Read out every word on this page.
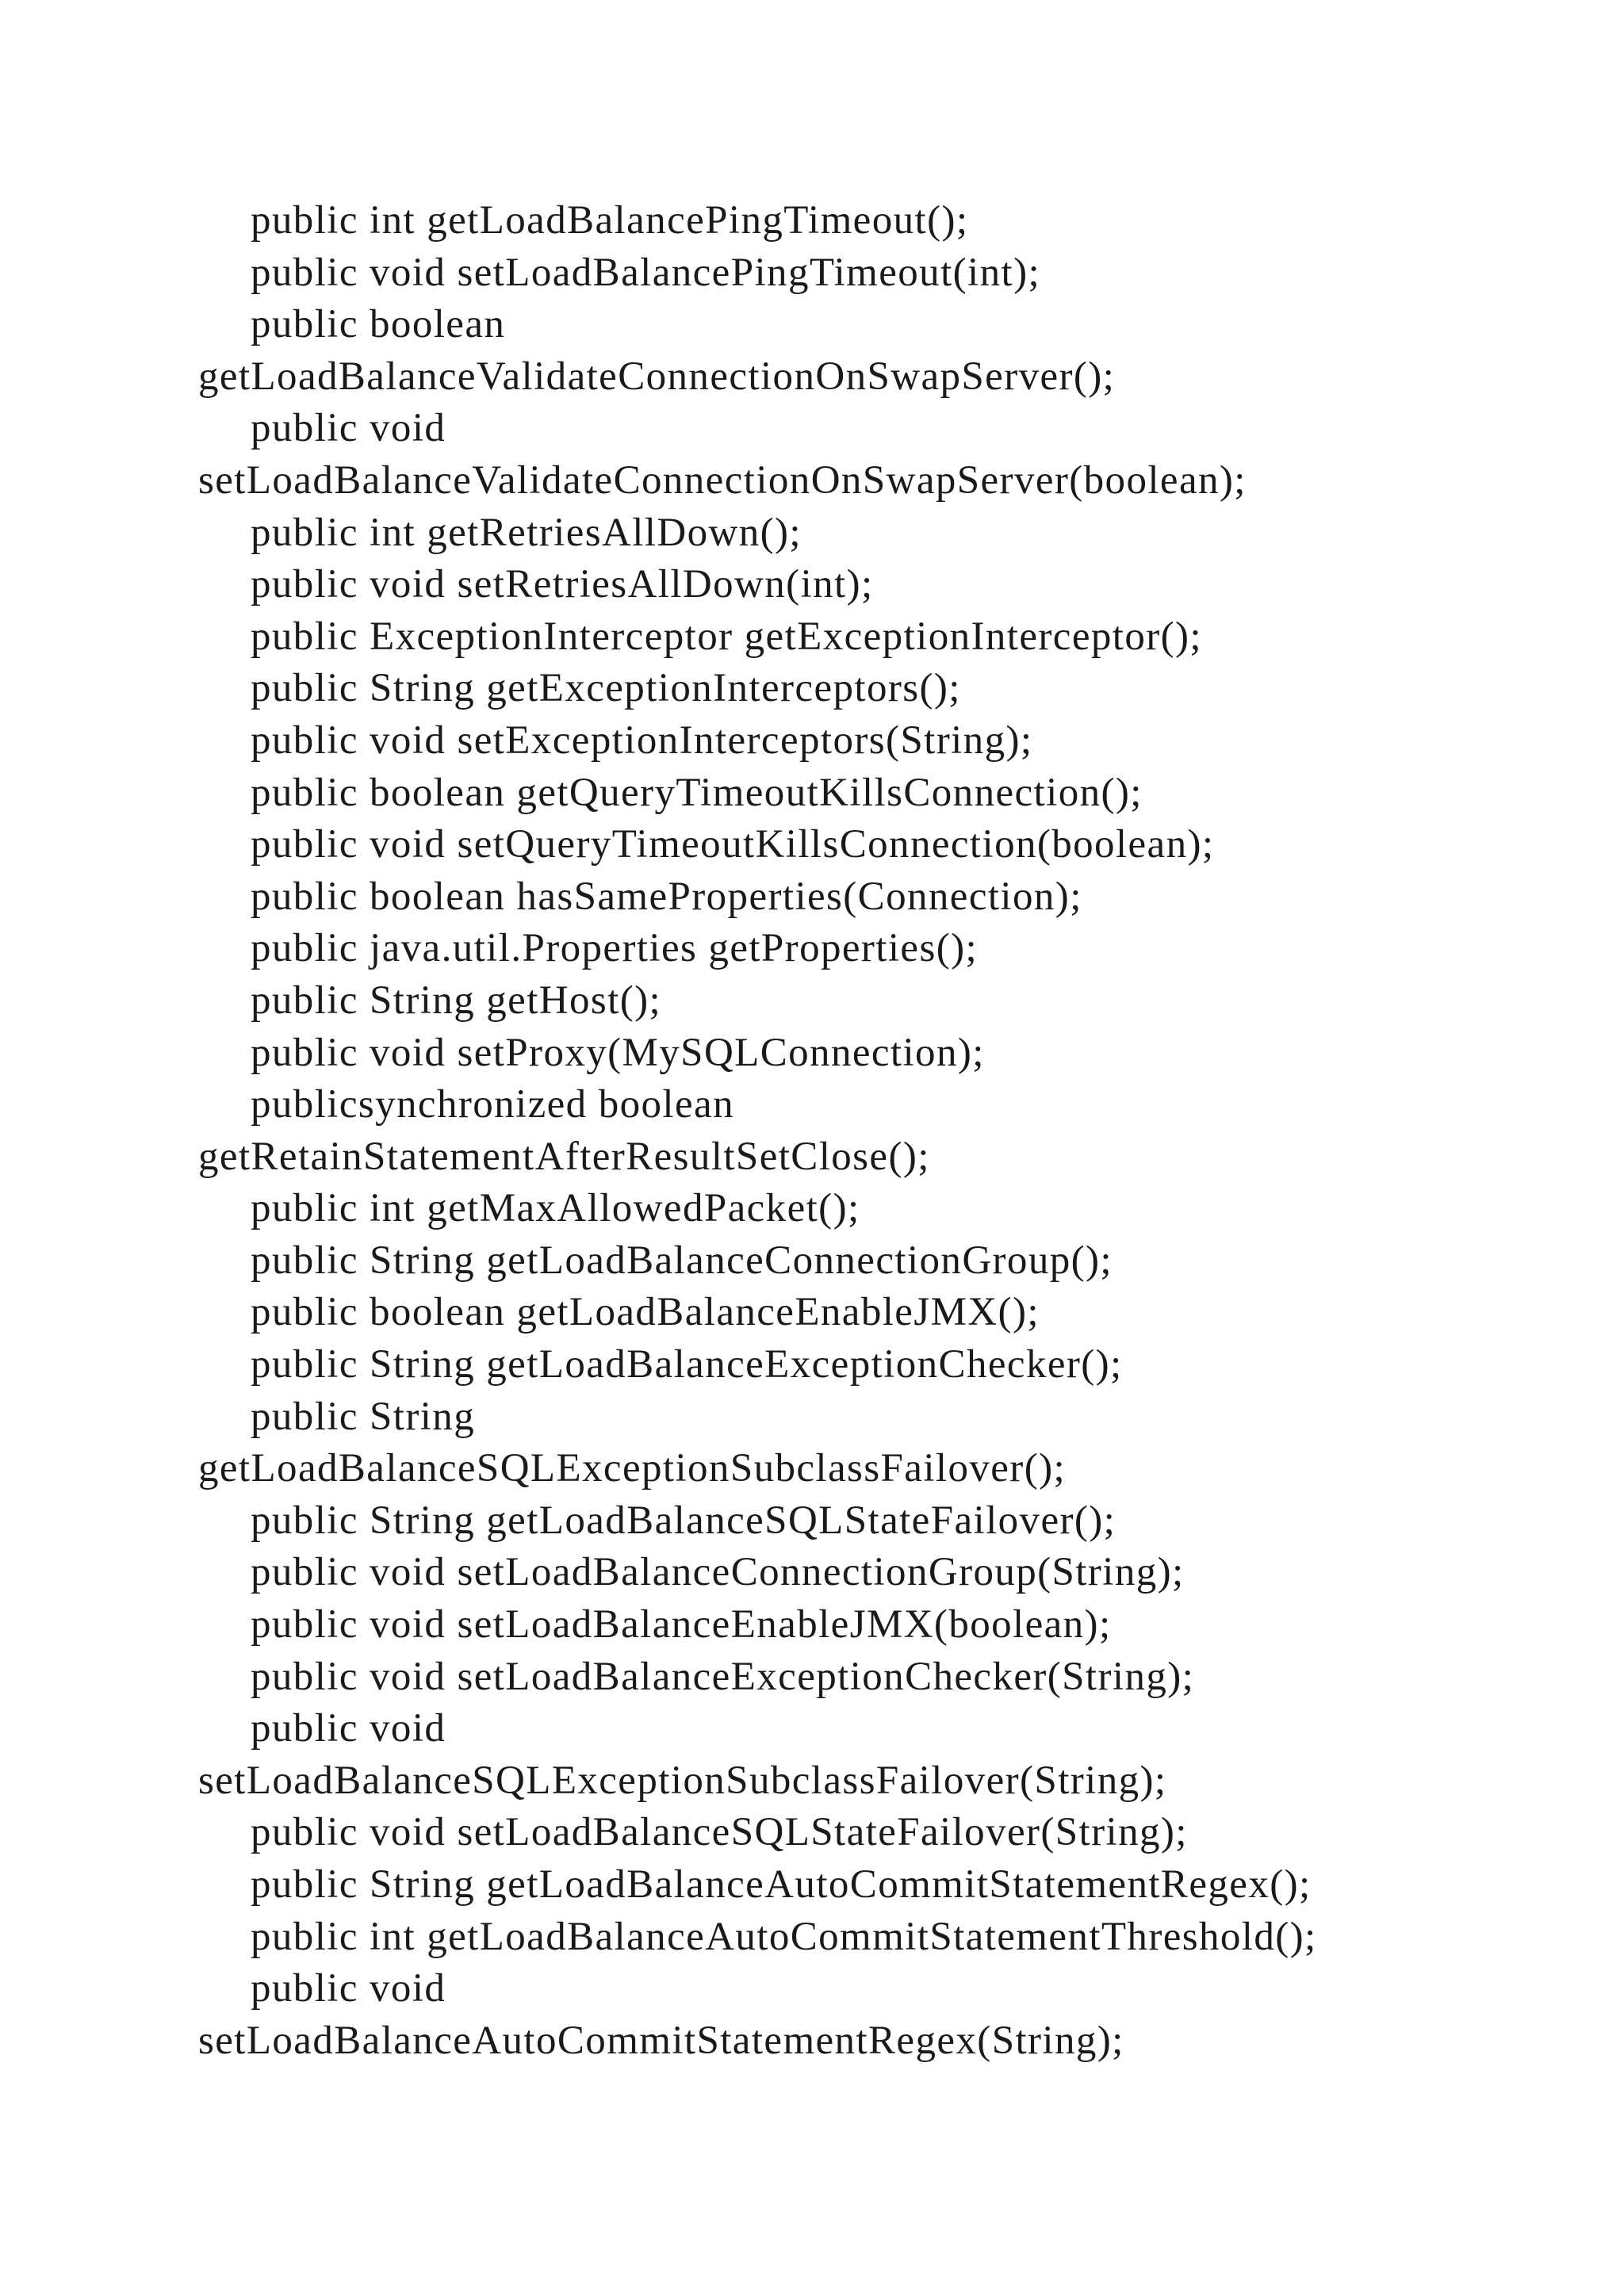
public int getLoadBalancePingTimeout();
public void setLoadBalancePingTimeout(int);
public boolean
getLoadBalanceValidateConnectionOnSwapServer();
public void
setLoadBalanceValidateConnectionOnSwapServer(boolean);
public int getRetriesAllDown();
public void setRetriesAllDown(int);
public ExceptionInterceptor getExceptionInterceptor();
public String getExceptionInterceptors();
public void setExceptionInterceptors(String);
public boolean getQueryTimeoutKillsConnection();
public void setQueryTimeoutKillsConnection(boolean);
public boolean hasSameProperties(Connection);
public java.util.Properties getProperties();
public String getHost();
public void setProxy(MySQLConnection);
publicsynchronized boolean
getRetainStatementAfterResultSetClose();
public int getMaxAllowedPacket();
public String getLoadBalanceConnectionGroup();
public boolean getLoadBalanceEnableJMX();
public String getLoadBalanceExceptionChecker();
public String
getLoadBalanceSQLExceptionSubclassFailover();
public String getLoadBalanceSQLStateFailover();
public void setLoadBalanceConnectionGroup(String);
public void setLoadBalanceEnableJMX(boolean);
public void setLoadBalanceExceptionChecker(String);
public void
setLoadBalanceSQLExceptionSubclassFailover(String);
public void setLoadBalanceSQLStateFailover(String);
public String getLoadBalanceAutoCommitStatementRegex();
public int getLoadBalanceAutoCommitStatementThreshold();
public void
setLoadBalanceAutoCommitStatementRegex(String);
